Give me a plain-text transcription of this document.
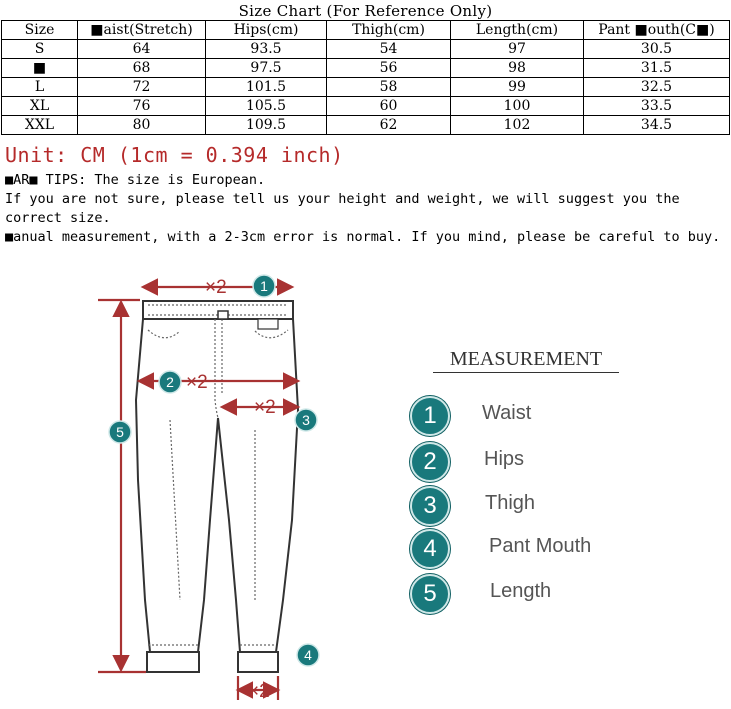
Size Chart (For Reference Only)
Size	■aist(Stretch)	Hips(cm)	Thigh(cm)	Length(cm)	Pant ■outh(C■)
S	64	93.5	54	97	30.5
■	68	97.5	56	98	31.5
L	72	101.5	58	99	32.5
XL	76	105.5	60	100	33.5
XXL	80	109.5	62	102	34.5
Unit: CM (1cm = 0.394 inch)

■AR■ TIPS: The size is European.

If you are not sure, please tell us your height and weight, we will suggest you the correct size.

■anual measurement, with a 2-3cm error is normal. If you mind, please be careful to buy.

×2
×2
×2
×2
1
2
3
4
5
MEASUREMENT
1	Waist
2	Hips
3	Thigh
4	Pant Mouth
5	Length
